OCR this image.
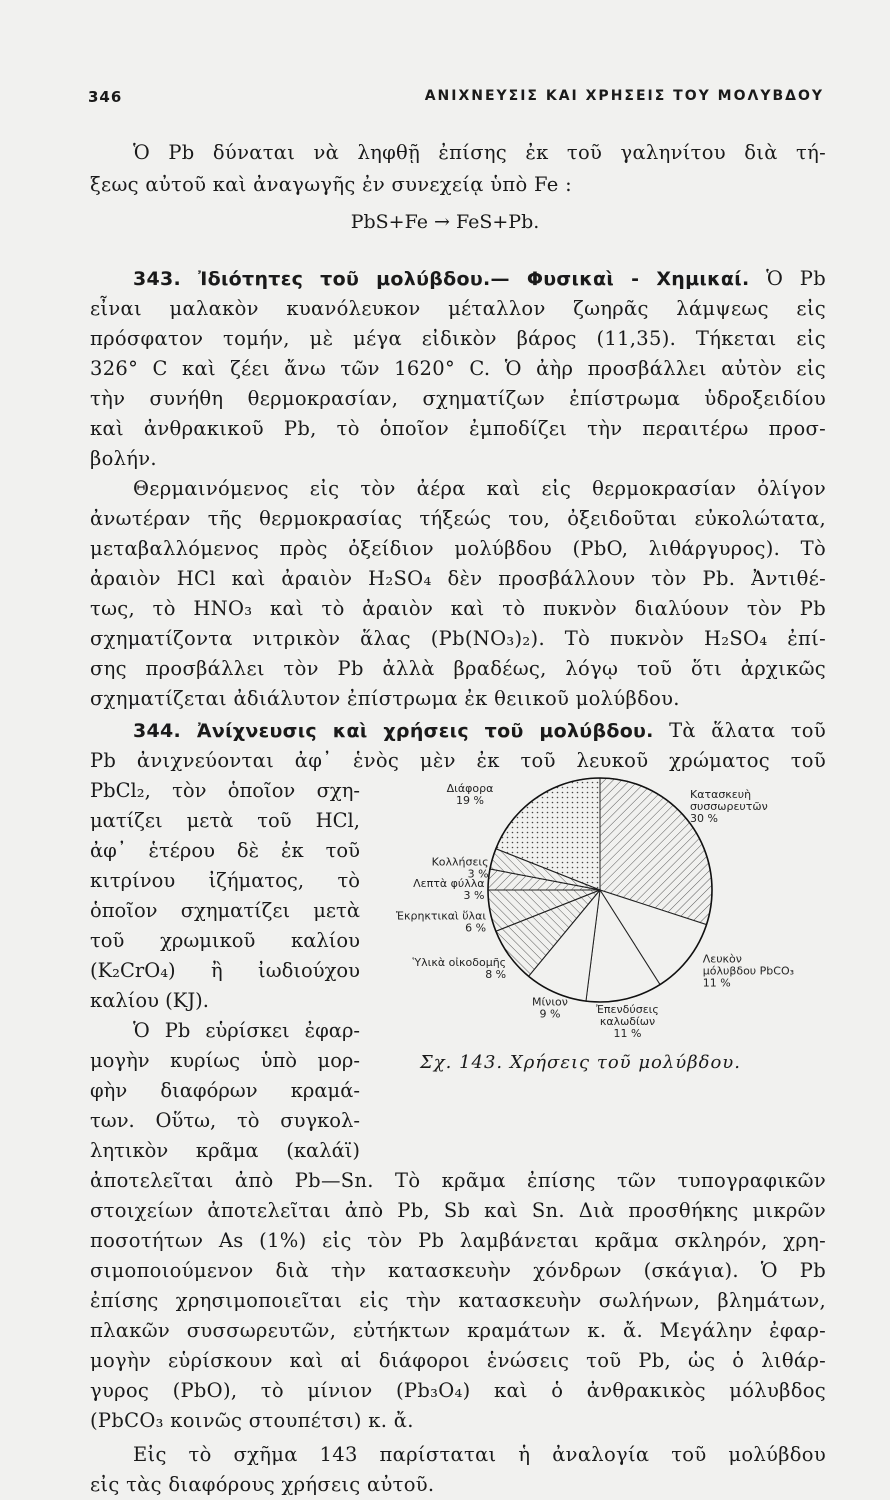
346	ΑΝΙΧΝΕΥΣΙΣ ΚΑΙ ΧΡΗΣΕΙΣ ΤΟΥ ΜΟΛΥΒΔΟΥ
Ὁ Pb δύναται νὰ ληφθῇ ἐπίσης ἐκ τοῦ γαληνίτου διὰ τή-
ξεως αὐτοῦ καὶ ἀναγωγῆς ἐν συνεχείᾳ ὑπὸ Fe :
PbS+Fe → FeS+Pb.
343. Ἰδιότητες τοῦ μολύβδου.— Φυσικαὶ - Χημικαί. Ὁ Pb
εἶναι μαλακὸν κυανόλευκον μέταλλον ζωηρᾶς λάμψεως εἰς
πρόσφατον τομήν, μὲ μέγα εἰδικὸν βάρος (11,35). Τήκεται εἰς
326° C καὶ ζέει ἄνω τῶν 1620° C. Ὁ ἀὴρ προσβάλλει αὐτὸν εἰς
τὴν συνήθη θερμοκρασίαν, σχηματίζων ἐπίστρωμα ὑδροξειδίου
καὶ ἀνθρακικοῦ Pb, τὸ ὁποῖον ἐμποδίζει τὴν περαιτέρω προσ-
βολήν.
Θερμαινόμενος εἰς τὸν ἀέρα καὶ εἰς θερμοκρασίαν ὀλίγον
ἀνωτέραν τῆς θερμοκρασίας τήξεώς του, ὀξειδοῦται εὐκολώτατα,
μεταβαλλόμενος πρὸς ὀξείδιον μολύβδου (PbO, λιθάργυρος). Τὸ
ἀραιὸν HCl καὶ ἀραιὸν H₂SO₄ δὲν προσβάλλουν τὸν Pb. Ἀντιθέ-
τως, τὸ HNO₃ καὶ τὸ ἀραιὸν καὶ τὸ πυκνὸν διαλύουν τὸν Pb
σχηματίζοντα νιτρικὸν ἅλας (Pb(NO₃)₂). Τὸ πυκνὸν H₂SO₄ ἐπί-
σης προσβάλλει τὸν Pb ἀλλὰ βραδέως, λόγῳ τοῦ ὅτι ἀρχικῶς
σχηματίζεται ἀδιάλυτον ἐπίστρωμα ἐκ θειικοῦ μολύβδου.
344. Ἀνίχνευσις καὶ χρήσεις τοῦ μολύβδου. Τὰ ἅλατα τοῦ
Pb ἀνιχνεύονται ἀφ᾽ ἑνὸς μὲν ἐκ τοῦ λευκοῦ χρώματος τοῦ
PbCl₂, τὸν ὁποῖον σχη-
ματίζει μετὰ τοῦ HCl,
ἀφ᾽ ἑτέρου δὲ ἐκ τοῦ
κιτρίνου ἰζήματος, τὸ
ὁποῖον σχηματίζει μετὰ
τοῦ χρωμικοῦ καλίου
(K₂CrO₄) ἢ ἰωδιούχου
καλίου (KJ).
Ὁ Pb εὑρίσκει ἐφαρ-
μογὴν κυρίως ὑπὸ μορ-
φὴν διαφόρων κραμά-
των. Οὕτω, τὸ συγκολ-
λητικὸν κρᾶμα (καλάϊ)
Κατασκευὴ συσσωρευτῶν 30 %
Λευκὸν μόλυβδου PbCO₃ 11 %
Ἐπενδύσεις καλωδίων 11 %
Μίνιον 9 %
Ὑλικὰ οἰκοδομῆς 8 %
Ἐκρηκτικαὶ ὕλαι 6 %
Λεπτὰ φύλλα 3 %
Κολλήσεις 3 %
Διάφορα 19 %
Σχ. 143. Χρήσεις τοῦ μολύβδου.
ἀποτελεῖται ἀπὸ Pb—Sn. Τὸ κρᾶμα ἐπίσης τῶν τυπογραφικῶν
στοιχείων ἀποτελεῖται ἀπὸ Pb, Sb καὶ Sn. Διὰ προσθήκης μικρῶν
ποσοτήτων As (1%) εἰς τὸν Pb λαμβάνεται κρᾶμα σκληρόν, χρη-
σιμοποιούμενον διὰ τὴν κατασκευὴν χόνδρων (σκάγια). Ὁ Pb
ἐπίσης χρησιμοποιεῖται εἰς τὴν κατασκευὴν σωλήνων, βλημάτων,
πλακῶν συσσωρευτῶν, εὐτήκτων κραμάτων κ. ἄ. Μεγάλην ἐφαρ-
μογὴν εὑρίσκουν καὶ αἱ διάφοροι ἑνώσεις τοῦ Pb, ὡς ὁ λιθάρ-
γυρος (PbO), τὸ μίνιον (Pb₃O₄) καὶ ὁ ἀνθρακικὸς μόλυβδος
(PbCO₃ κοινῶς στουπέτσι) κ. ἄ.
Εἰς τὸ σχῆμα 143 παρίσταται ἡ ἀναλογία τοῦ μολύβδου
εἰς τὰς διαφόρους χρήσεις αὐτοῦ.
